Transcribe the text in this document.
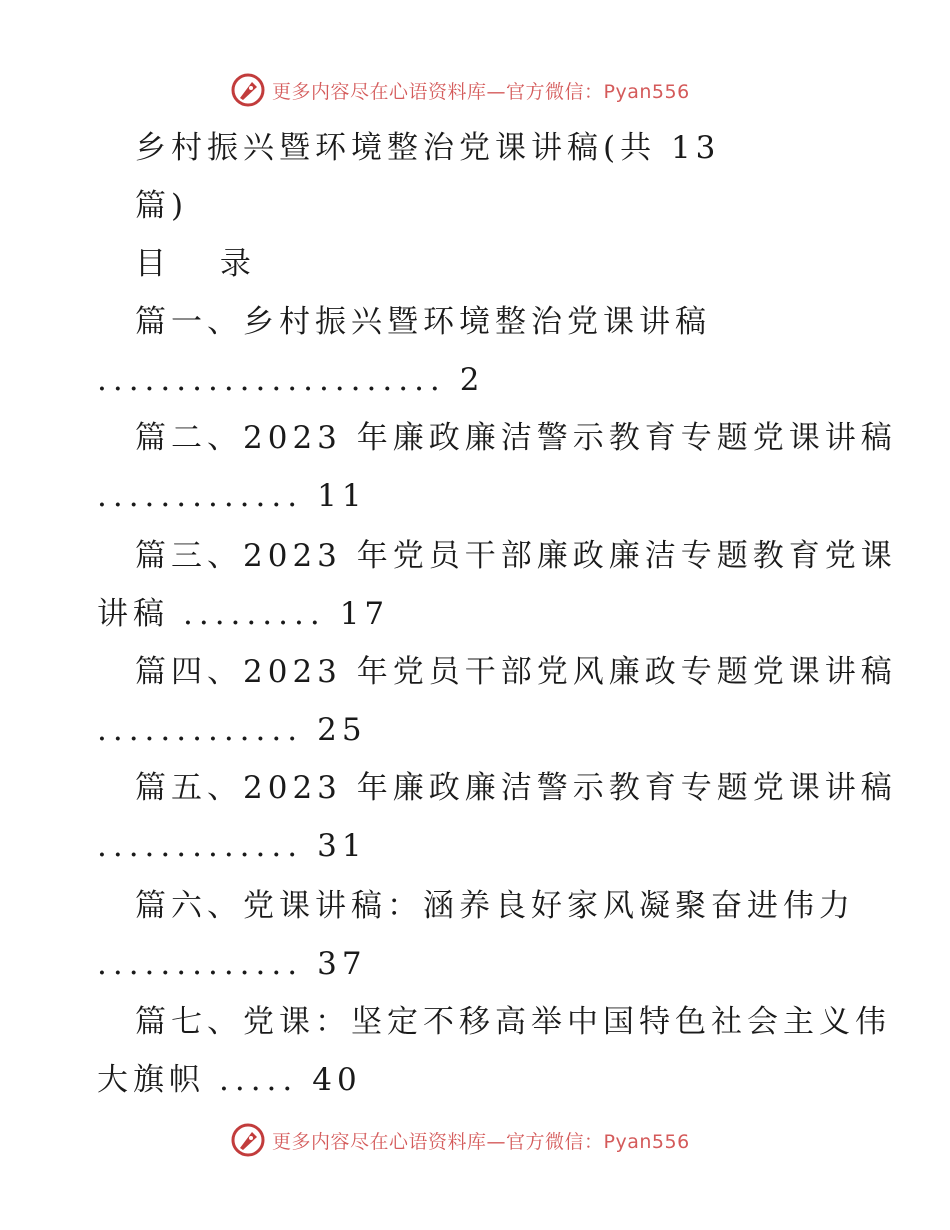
更多内容尽在心语资料库—官方微信：Pyan556
乡村振兴暨环境整治党课讲稿(共 13
篇)
目 录
篇一、乡村振兴暨环境整治党课讲稿
...................... 2
篇二、2023 年廉政廉洁警示教育专题党课讲稿
............. 11
篇三、2023 年党员干部廉政廉洁专题教育党课
讲稿 ......... 17
篇四、2023 年党员干部党风廉政专题党课讲稿
............. 25
篇五、2023 年廉政廉洁警示教育专题党课讲稿
............. 31
篇六、党课讲稿：涵养良好家风凝聚奋进伟力
............. 37
篇七、党课：坚定不移高举中国特色社会主义伟
大旗帜 ..... 40
更多内容尽在心语资料库—官方微信：Pyan556
